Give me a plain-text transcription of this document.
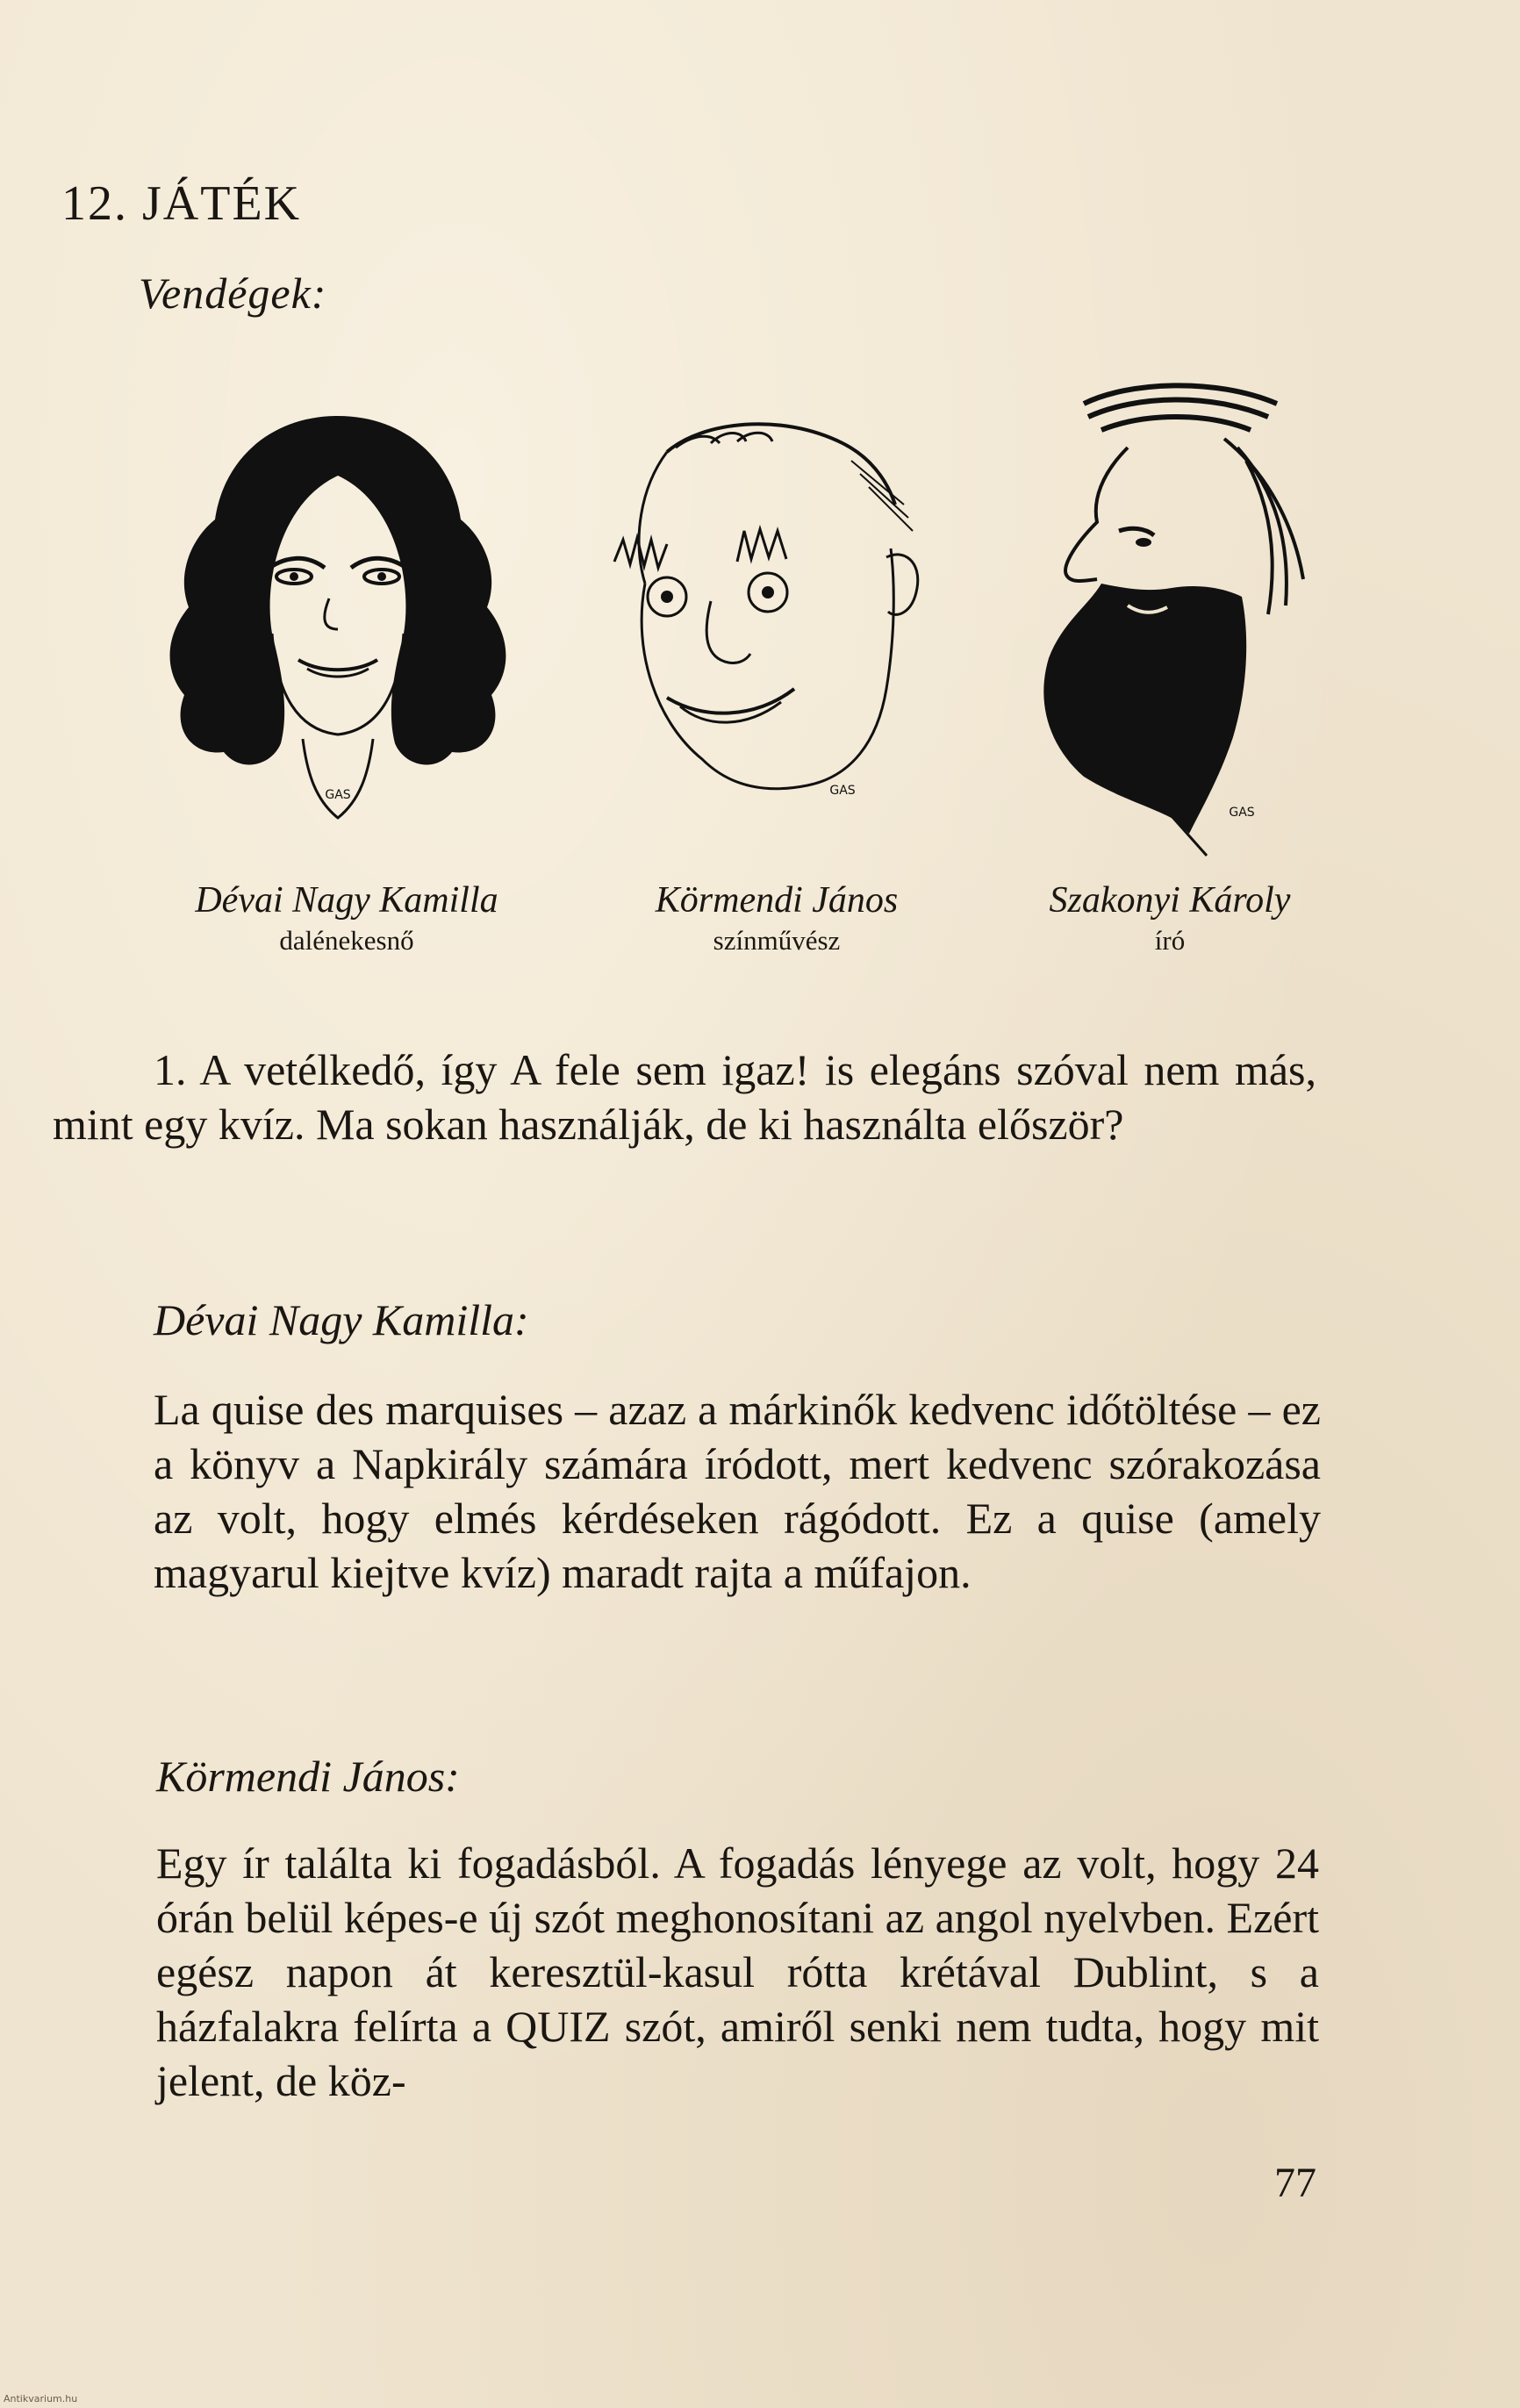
12. JÁTÉK
Vendégek:
GAS	GAS
GAS
Dévai Nagy Kamilla
dalénekesnő
Körmendi János
színművész
Szakonyi Károly
író
1. A vetélkedő, így A fele sem igaz! is elegáns szóval nem más, mint egy kvíz. Ma sokan használják, de ki használta először?
Dévai Nagy Kamilla:
La quise des marquises – azaz a márkinők kedvenc időtöltése – ez a könyv a Napkirály számára íródott, mert kedvenc szórakozása az volt, hogy elmés kérdéseken rágódott. Ez a quise (amely magyarul kiejtve kvíz) maradt rajta a műfajon.
Körmendi János:
Egy ír találta ki fogadásból. A fogadás lényege az volt, hogy 24 órán belül képes-e új szót meghonosítani az angol nyelvben. Ezért egész napon át keresztül-kasul rótta krétával Dublint, s a házfalakra felírta a QUIZ szót, amiről senki nem tudta, hogy mit jelent, de köz-
77
Antikvarium.hu
